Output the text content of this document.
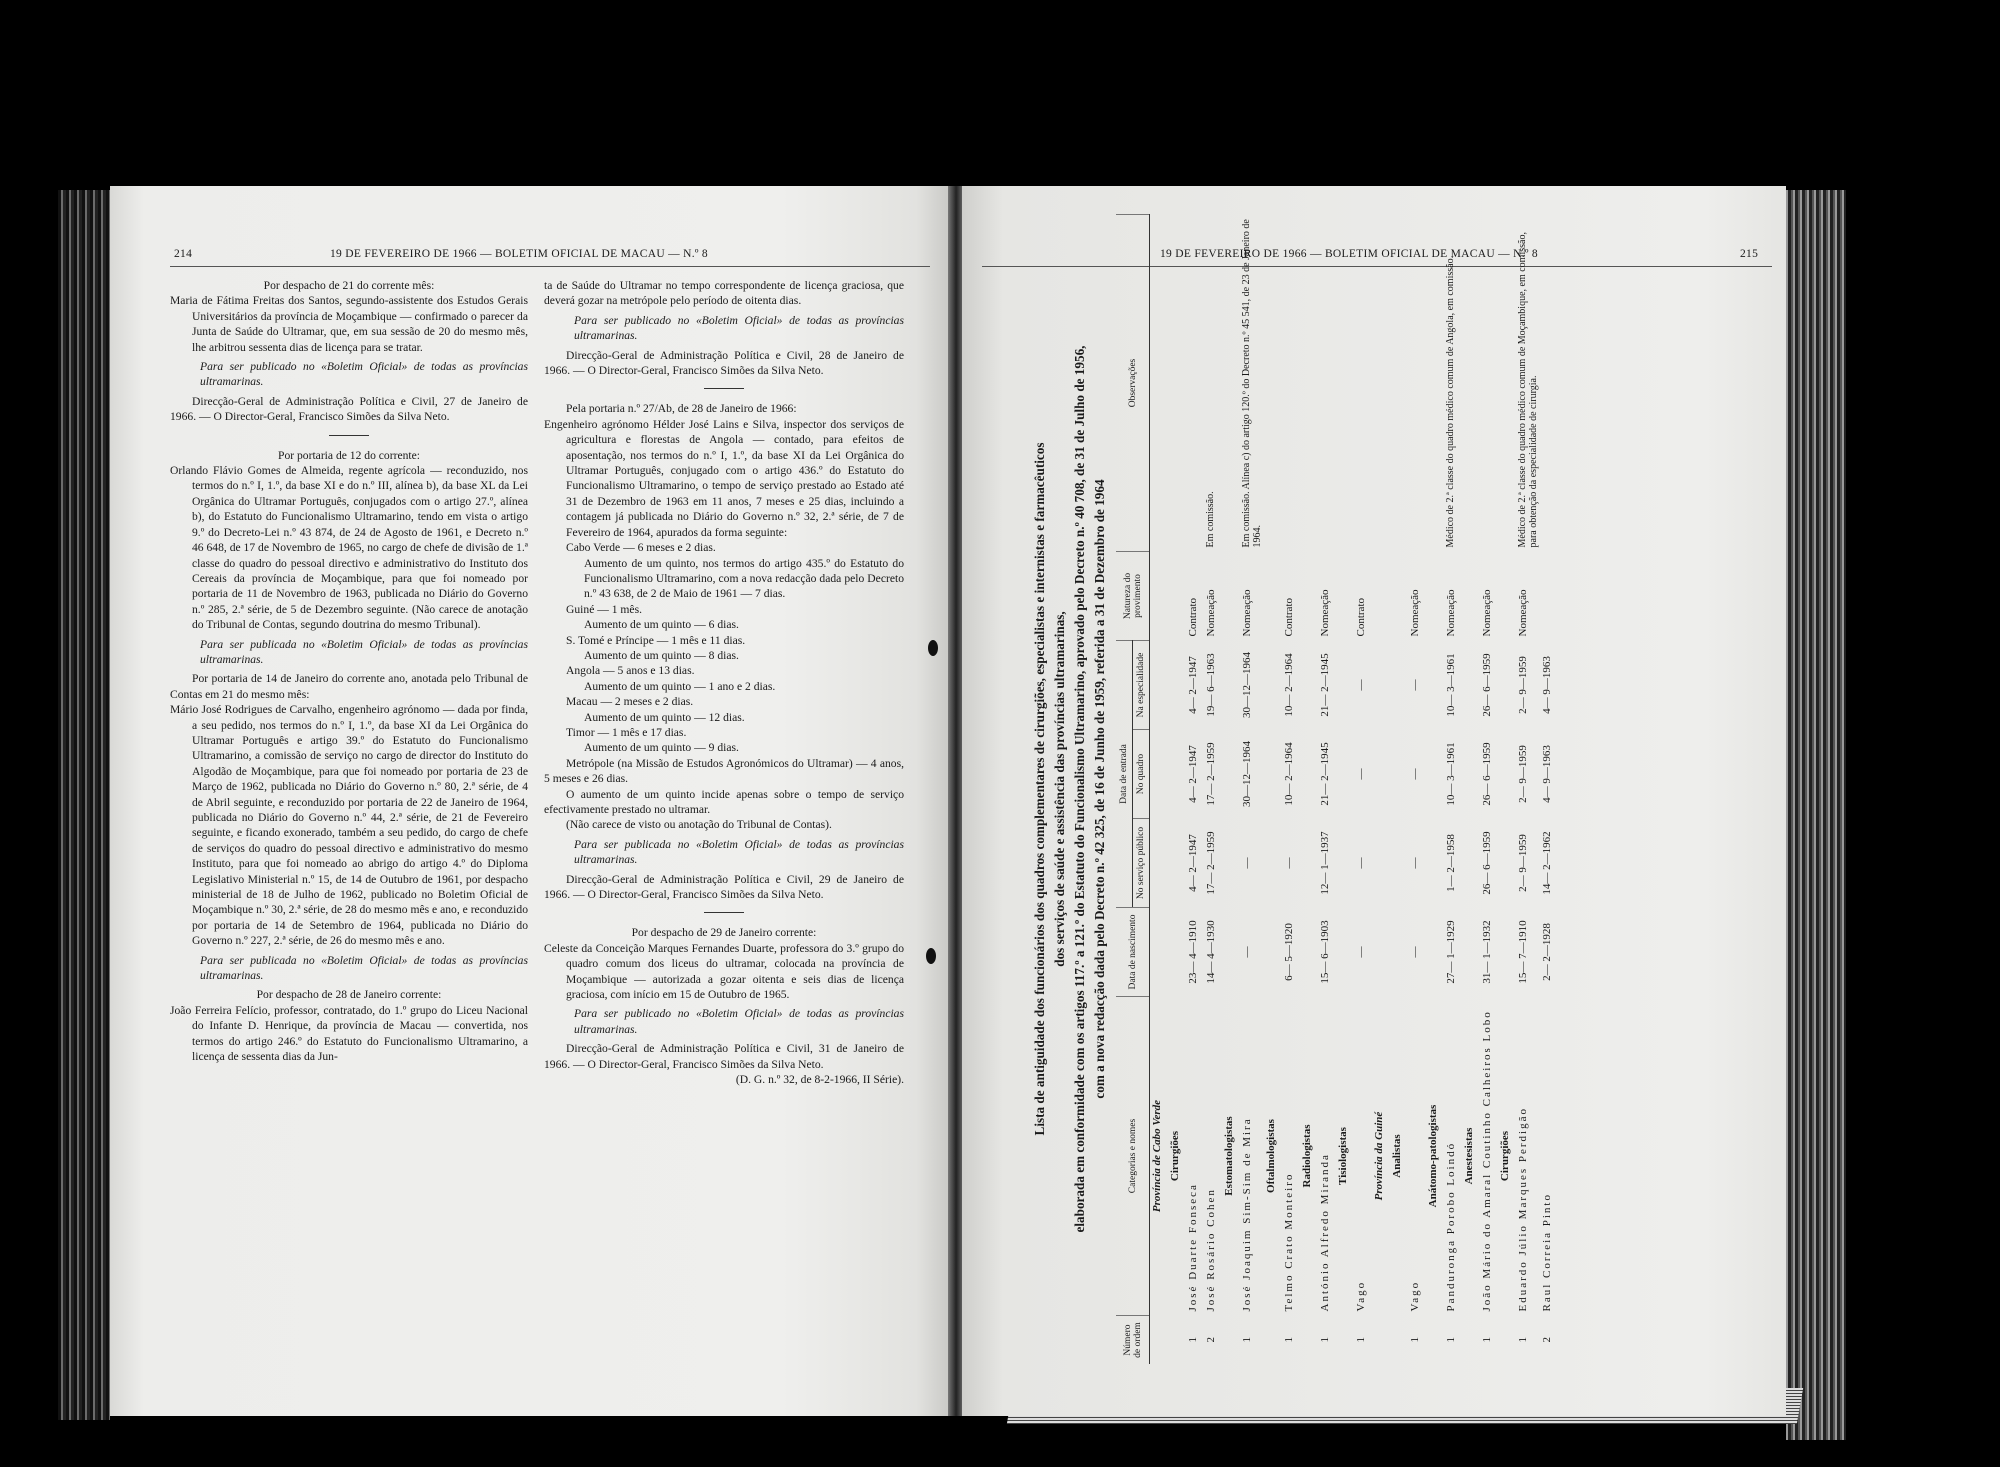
214	19 DE FEVEREIRO DE 1966 — BOLETIM OFICIAL DE MACAU — N.º 8

Por despacho de 21 do corrente mês:

Maria de Fátima Freitas dos Santos, segundo-assistente dos Estudos Gerais Universitários da província de Moçambique — confirmado o parecer da Junta de Saúde do Ultramar, que, em sua sessão de 20 do mesmo mês, lhe arbitrou sessenta dias de licença para se tratar.

Para ser publicado no «Boletim Oficial» de todas as províncias ultramarinas.

Direcção-Geral de Administração Política e Civil, 27 de Janeiro de 1966. — O Director-Geral, Francisco Simões da Silva Neto.

Por portaria de 12 do corrente:

Orlando Flávio Gomes de Almeida, regente agrícola — reconduzido, nos termos do n.º I, 1.º, da base XI e do n.º III, alínea b), da base XL da Lei Orgânica do Ultramar Português, conjugados com o artigo 27.º, alínea b), do Estatuto do Funcionalismo Ultramarino, tendo em vista o artigo 9.º do Decreto-Lei n.º 43 874, de 24 de Agosto de 1961, e Decreto n.º 46 648, de 17 de Novembro de 1965, no cargo de chefe de divisão de 1.ª classe do quadro do pessoal directivo e administrativo do Instituto dos Cereais da província de Moçambique, para que foi nomeado por portaria de 11 de Novembro de 1963, publicada no Diário do Governo n.º 285, 2.ª série, de 5 de Dezembro seguinte. (Não carece de anotação do Tribunal de Contas, segundo doutrina do mesmo Tribunal).

Para ser publicada no «Boletim Oficial» de todas as províncias ultramarinas.

Por portaria de 14 de Janeiro do corrente ano, anotada pelo Tribunal de Contas em 21 do mesmo mês:

Mário José Rodrigues de Carvalho, engenheiro agrónomo — dada por finda, a seu pedido, nos termos do n.º I, 1.º, da base XI da Lei Orgânica do Ultramar Português e artigo 39.º do Estatuto do Funcionalismo Ultramarino, a comissão de serviço no cargo de director do Instituto do Algodão de Moçambique, para que foi nomeado por portaria de 23 de Março de 1962, publicada no Diário do Governo n.º 80, 2.ª série, de 4 de Abril seguinte, e reconduzido por portaria de 22 de Janeiro de 1964, publicada no Diário do Governo n.º 44, 2.ª série, de 21 de Fevereiro seguinte, e ficando exonerado, também a seu pedido, do cargo de chefe de serviços do quadro do pessoal directivo e administrativo do mesmo Instituto, para que foi nomeado ao abrigo do artigo 4.º do Diploma Legislativo Ministerial n.º 15, de 14 de Outubro de 1961, por despacho ministerial de 18 de Julho de 1962, publicado no Boletim Oficial de Moçambique n.º 30, 2.ª série, de 28 do mesmo mês e ano, e reconduzido por portaria de 14 de Setembro de 1964, publicada no Diário do Governo n.º 227, 2.ª série, de 26 do mesmo mês e ano.

Para ser publicada no «Boletim Oficial» de todas as províncias ultramarinas.

Por despacho de 28 de Janeiro corrente:

João Ferreira Felício, professor, contratado, do 1.º grupo do Liceu Nacional do Infante D. Henrique, da província de Macau — convertida, nos termos do artigo 246.º do Estatuto do Funcionalismo Ultramarino, a licença de sessenta dias da Jun-

ta de Saúde do Ultramar no tempo correspondente de licença graciosa, que deverá gozar na metrópole pelo período de oitenta dias.

Para ser publicado no «Boletim Oficial» de todas as províncias ultramarinas.

Direcção-Geral de Administração Política e Civil, 28 de Janeiro de 1966. — O Director-Geral, Francisco Simões da Silva Neto.

Pela portaria n.º 27/Ab, de 28 de Janeiro de 1966:

Engenheiro agrónomo Hélder José Lains e Silva, inspector dos serviços de agricultura e florestas de Angola — contado, para efeitos de aposentação, nos termos do n.º I, 1.º, da base XI da Lei Orgânica do Ultramar Português, conjugado com o artigo 436.º do Estatuto do Funcionalismo Ultramarino, o tempo de serviço prestado ao Estado até 31 de Dezembro de 1963 em 11 anos, 7 meses e 25 dias, incluindo a contagem já publicada no Diário do Governo n.º 32, 2.ª série, de 7 de Fevereiro de 1964, apurados da forma seguinte:

Cabo Verde — 6 meses e 2 dias.

Aumento de um quinto, nos termos do artigo 435.º do Estatuto do Funcionalismo Ultramarino, com a nova redacção dada pelo Decreto n.º 43 638, de 2 de Maio de 1961 — 7 dias.

Guiné — 1 mês.

Aumento de um quinto — 6 dias.

S. Tomé e Príncipe — 1 mês e 11 dias.

Aumento de um quinto — 8 dias.

Angola — 5 anos e 13 dias.

Aumento de um quinto — 1 ano e 2 dias.

Macau — 2 meses e 2 dias.

Aumento de um quinto — 12 dias.

Timor — 1 mês e 17 dias.

Aumento de um quinto — 9 dias.

Metrópole (na Missão de Estudos Agronómicos do Ultramar) — 4 anos, 5 meses e 26 dias.

O aumento de um quinto incide apenas sobre o tempo de serviço efectivamente prestado no ultramar.

(Não carece de visto ou anotação do Tribunal de Contas).

Para ser publicada no «Boletim Oficial» de todas as províncias ultramarinas.

Direcção-Geral de Administração Política e Civil, 29 de Janeiro de 1966. — O Director-Geral, Francisco Simões da Silva Neto.

Por despacho de 29 de Janeiro corrente:

Celeste da Conceição Marques Fernandes Duarte, professora do 3.º grupo do quadro comum dos liceus do ultramar, colocada na província de Moçambique — autorizada a gozar oitenta e seis dias de licença graciosa, com início em 15 de Outubro de 1965.

Para ser publicado no «Boletim Oficial» de todas as províncias ultramarinas.

Direcção-Geral de Administração Política e Civil, 31 de Janeiro de 1966. — O Director-Geral, Francisco Simões da Silva Neto.

(D. G. n.º 32, de 8-2-1966, II Série).

19 DE FEVEREIRO DE 1966 — BOLETIM OFICIAL DE MACAU — N.º 8	215
Lista de antiguidade dos funcionários dos quadros complementares de cirurgiões, especialistas e internistas e farmacêuticos dos serviços de saúde e assistência das províncias ultramarinas, elaborada em conformidade com os artigos 117.º a 121.º do Estatuto do Funcionalismo Ultramarino, aprovado pelo Decreto n.º 40 708, de 31 de Julho de 1956, com a nova redacção dada pelo Decreto n.º 42 325, de 16 de Junho de 1959, referida a 31 de Dezembro de 1964
Número de ordem	Categorias e nomes	Data de nascimento	Data de entrada			Natureza do provimento	Observações
			No serviço público	No quadro	Na especialidade		
	Província de Cabo Verde						
	Cirurgiões						
1	José Duarte Fonseca	23— 4—1910	4— 2—1947	4— 2—1947	4— 2—1947	Contrato	
2	José Rosário Cohen	14— 4—1930	17— 2—1959	17— 2—1959	19— 6—1963	Nomeação	Em comissão.
	Estomatologistas						
1	José Joaquim Sim-Sim de Mira	—	—	30—12—1964	30—12—1964	Nomeação	Em comissão. Alínea c) do artigo 120.º do Decreto n.º 45 541, de 23 de Janeiro de 1964.
	Oftalmologistas						
1	Telmo Crato Monteiro	6— 5—1920	—	10— 2—1964	10— 2—1964	Contrato	
	Radiologistas						
1	António Alfredo Miranda	15— 6—1903	12— 1—1937	21— 2—1945	21— 2—1945	Nomeação	
	Tisiologistas						
1	Vago	—	—	—	—	Contrato	
	Província da Guiné						
	Analistas						
1	Vago	—	—	—	—	Nomeação	
	Anátomo-patologistas						
1	Panduronga Porobo Loindó	27— 1—1929	1— 2—1958	10— 3—1961	10— 3—1961	Nomeação	Médico de 2.ª classe do quadro médico comum de Angola, em comissão.
	Anestesistas						
1	João Mário do Amaral Coutinho Calheiros Lobo	31— 1—1932	26— 6—1959	26— 6—1959	26— 6—1959	Nomeação	
	Cirurgiões						
1	Eduardo Júlio Marques Perdigão	15— 7—1910	2— 9—1959	2— 9—1959	2— 9—1959	Nomeação	Médico de 2.ª classe do quadro médico comum de Moçambique, em comissão, para obtenção da especialidade de cirurgia.
2	Raul Correia Pinto	2— 2—1928	14— 2—1962	4— 9—1963	4— 9—1963		
